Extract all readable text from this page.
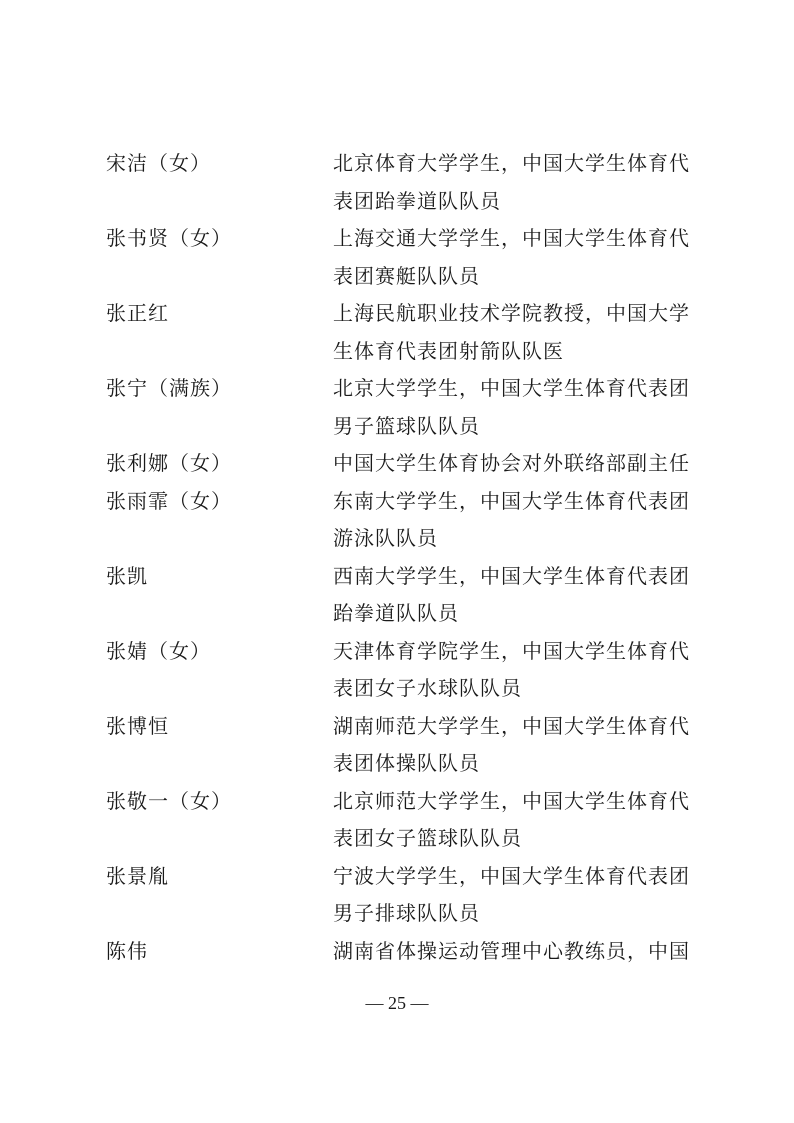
宋洁（女）	北京体育大学学生，中国大学生体育代
表团跆拳道队队员
张书贤（女）	上海交通大学学生，中国大学生体育代
表团赛艇队队员
张正红	上海民航职业技术学院教授，中国大学
生体育代表团射箭队队医
张宁（满族）	北京大学学生，中国大学生体育代表团
男子篮球队队员
张利娜（女）	中国大学生体育协会对外联络部副主任
张雨霏（女）	东南大学学生，中国大学生体育代表团
游泳队队员
张凯	西南大学学生，中国大学生体育代表团
跆拳道队队员
张婧（女）	天津体育学院学生，中国大学生体育代
表团女子水球队队员
张博恒	湖南师范大学学生，中国大学生体育代
表团体操队队员
张敬一（女）	北京师范大学学生，中国大学生体育代
表团女子篮球队队员
张景胤	宁波大学学生，中国大学生体育代表团
男子排球队队员
陈伟	湖南省体操运动管理中心教练员，中国
— 25 —
